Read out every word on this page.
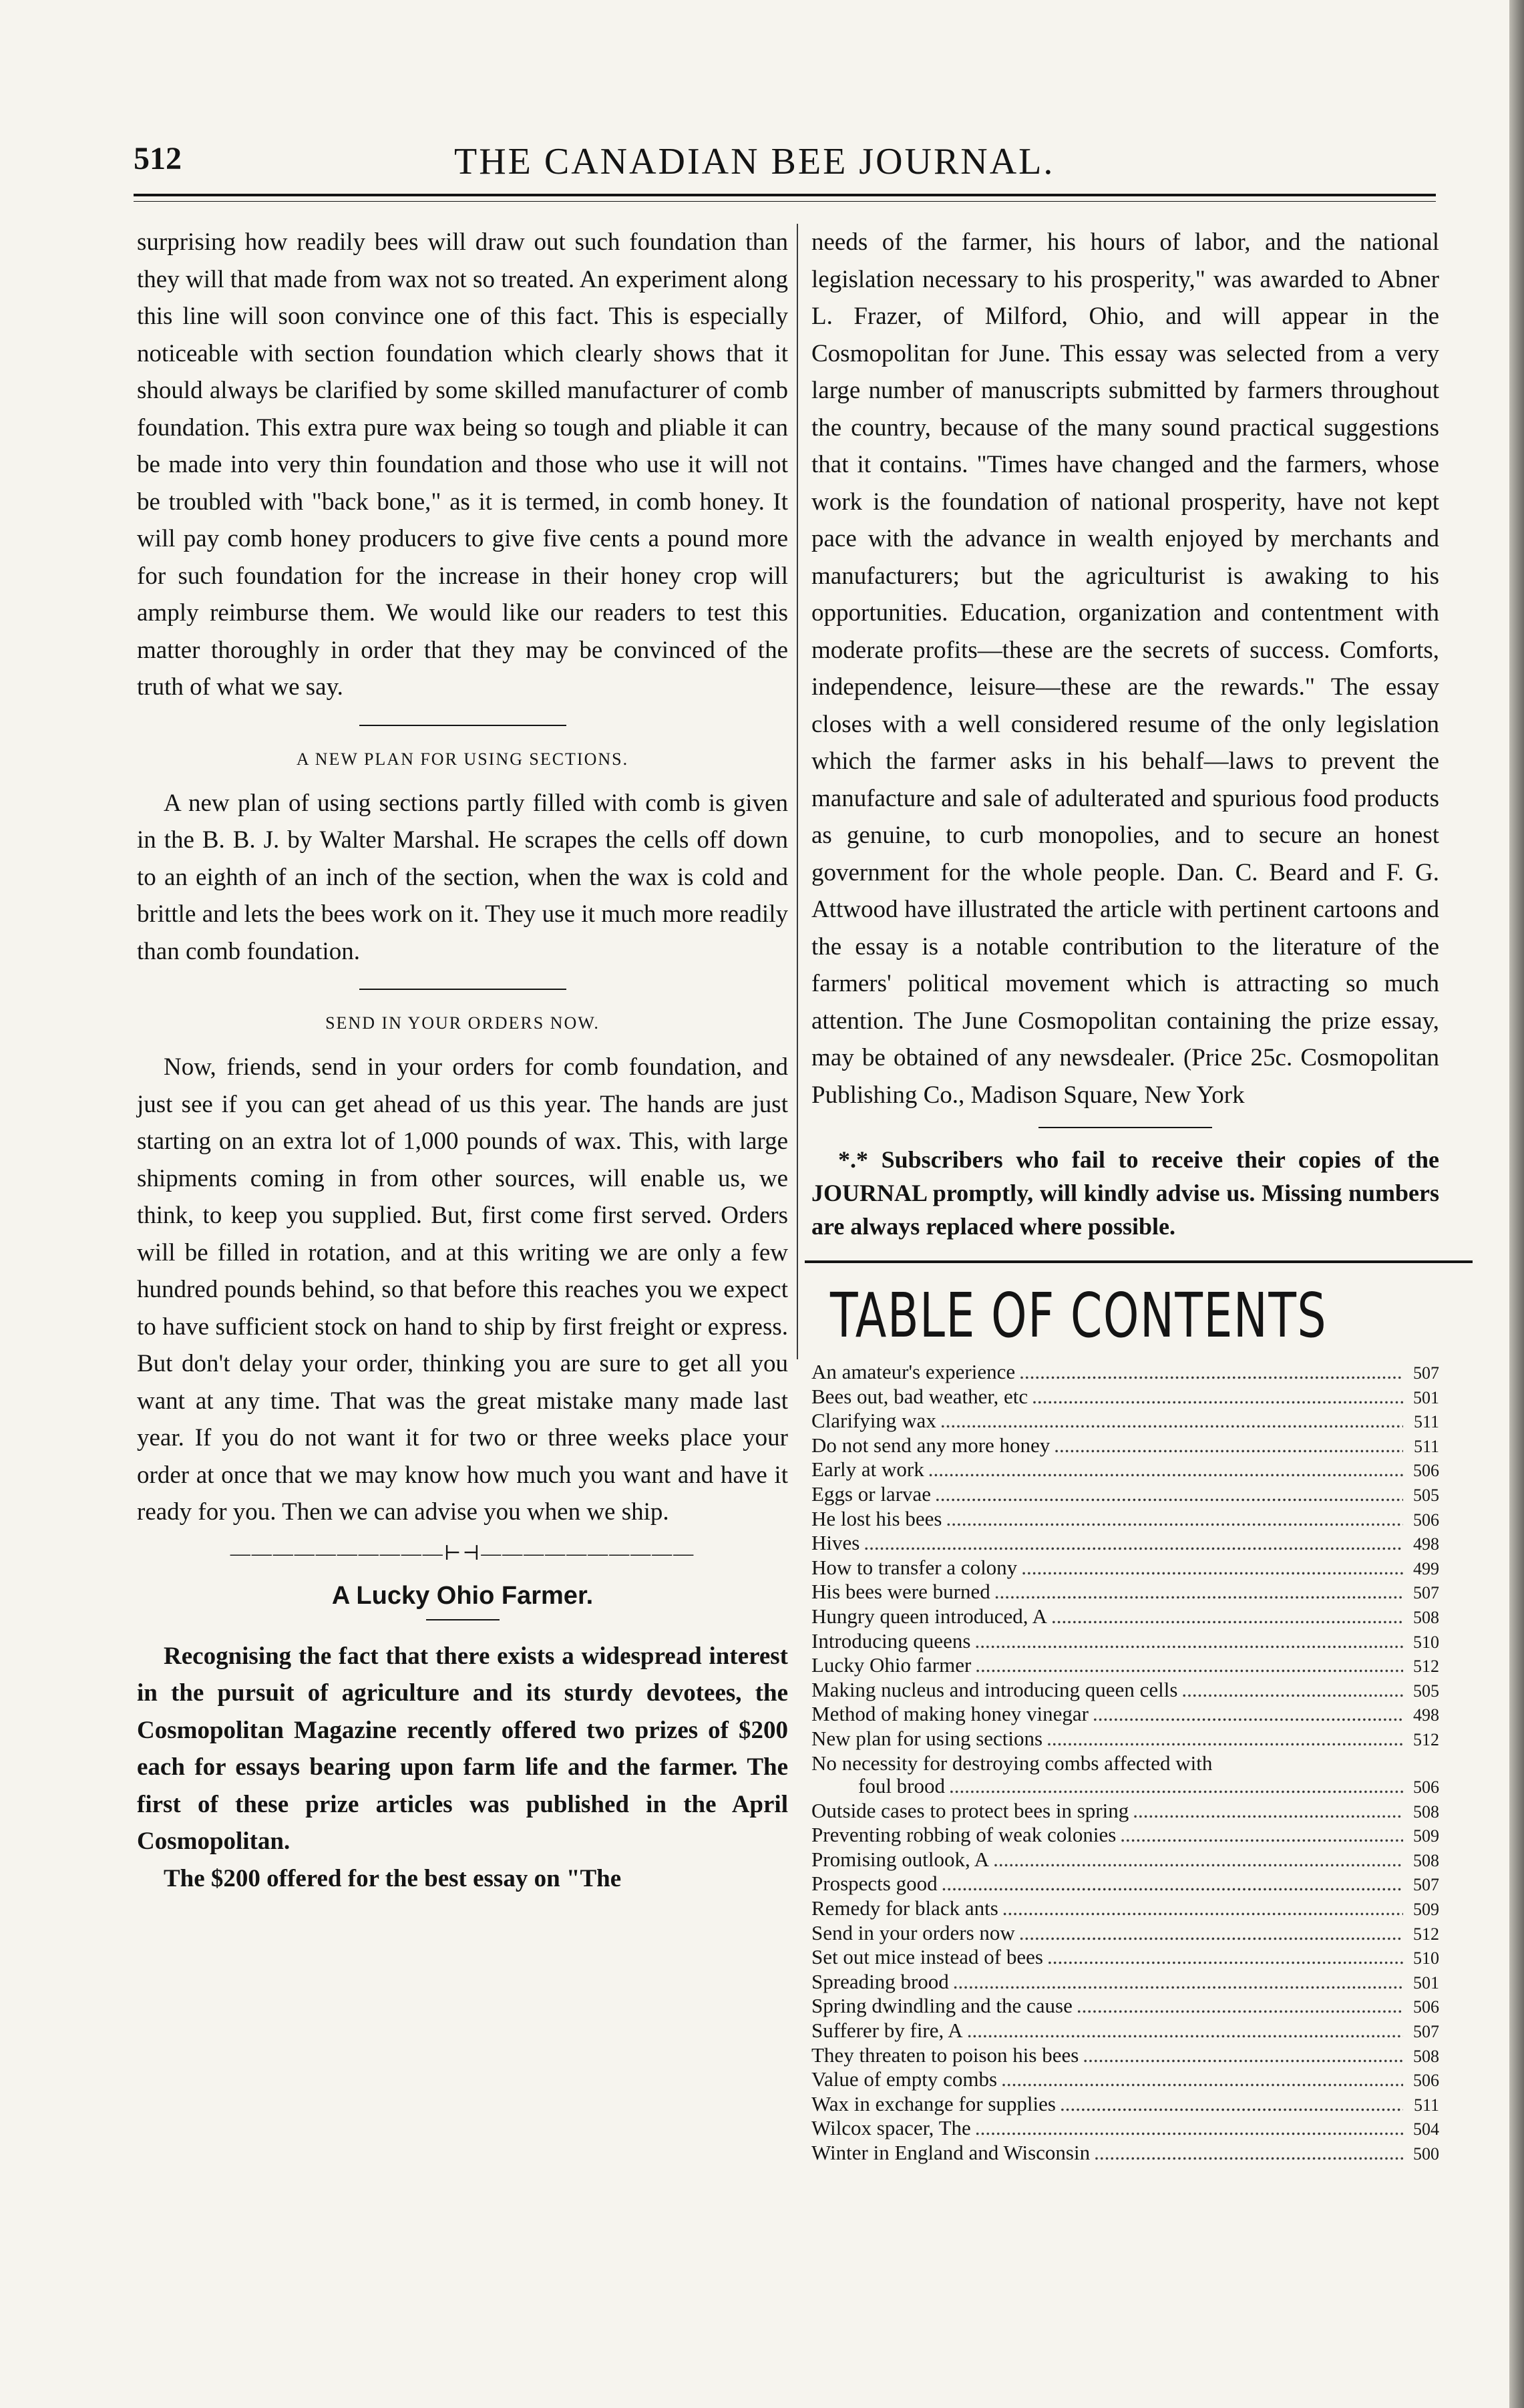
512	THE CANADIAN BEE JOURNAL.

surprising how readily bees will draw out such foundation than they will that made from wax not so treated. An experiment along this line will soon convince one of this fact. This is especially noticeable with section foundation which clearly shows that it should always be clarified by some skilled manufacturer of comb foundation. This extra pure wax being so tough and pliable it can be made into very thin foundation and those who use it will not be troubled with "back bone," as it is termed, in comb honey. It will pay comb honey producers to give five cents a pound more for such foundation for the increase in their honey crop will amply reimburse them. We would like our readers to test this matter thoroughly in order that they may be convinced of the truth of what we say.

A NEW PLAN FOR USING SECTIONS.

A new plan of using sections partly filled with comb is given in the B. B. J. by Walter Marshal. He scrapes the cells off down to an eighth of an inch of the section, when the wax is cold and brittle and lets the bees work on it. They use it much more readily than comb foundation.

SEND IN YOUR ORDERS NOW.

Now, friends, send in your orders for comb foundation, and just see if you can get ahead of us this year. The hands are just starting on an extra lot of 1,000 pounds of wax. This, with large shipments coming in from other sources, will enable us, we think, to keep you supplied. But, first come first served. Orders will be filled in rotation, and at this writing we are only a few hundred pounds behind, so that before this reaches you we expect to have sufficient stock on hand to ship by first freight or express. But don't delay your order, thinking you are sure to get all you want at any time. That was the great mistake many made last year. If you do not want it for two or three weeks place your order at once that we may know how much you want and have it ready for you. Then we can advise you when we ship.

——————————⊢⊣——————————
A Lucky Ohio Farmer.

Recognising the fact that there exists a widespread interest in the pursuit of agriculture and its sturdy devotees, the Cosmopolitan Magazine recently offered two prizes of $200 each for essays bearing upon farm life and the farmer. The first of these prize articles was published in the April Cosmopolitan.

The $200 offered for the best essay on "The

needs of the farmer, his hours of labor, and the national legislation necessary to his prosperity," was awarded to Abner L. Frazer, of Milford, Ohio, and will appear in the Cosmopolitan for June. This essay was selected from a very large number of manuscripts submitted by farmers throughout the country, because of the many sound practical suggestions that it contains. "Times have changed and the farmers, whose work is the foundation of national prosperity, have not kept pace with the advance in wealth enjoyed by merchants and manufacturers; but the agriculturist is awaking to his opportunities. Education, organization and contentment with moderate profits—these are the secrets of success. Comforts, independence, leisure—these are the rewards." The essay closes with a well considered resume of the only legislation which the farmer asks in his behalf—laws to prevent the manufacture and sale of adulterated and spurious food products as genuine, to curb monopolies, and to secure an honest government for the whole people. Dan. C. Beard and F. G. Attwood have illustrated the article with pertinent cartoons and the essay is a notable contribution to the literature of the farmers' political movement which is attracting so much attention. The June Cosmopolitan containing the prize essay, may be obtained of any newsdealer. (Price 25c. Cosmopolitan Publishing Co., Madison Square, New York

*.* Subscribers who fail to receive their copies of the JOURNAL promptly, will kindly advise us. Missing numbers are always replaced where possible.

TABLE OF CONTENTS
An amateur's experience .....	507
Bees out, bad weather, etc .....	501
Clarifying wax .....	511
Do not send any more honey .....	511
Early at work .....	506
Eggs or larvae .....	505
He lost his bees .....	506
Hives .....	498
How to transfer a colony .....	499
His bees were burned .....	507
Hungry queen introduced, A .....	508
Introducing queens .....	510
Lucky Ohio farmer .....	512
Making nucleus and introducing queen cells .....	505
Method of making honey vinegar .....	498
New plan for using sections .....	512
No necessity for destroying combs affected with
foul brood .....	506
Outside cases to protect bees in spring .....	508
Preventing robbing of weak colonies .....	509
Promising outlook, A .....	508
Prospects good .....	507
Remedy for black ants .....	509
Send in your orders now .....	512
Set out mice instead of bees .....	510
Spreading brood .....	501
Spring dwindling and the cause .....	506
Sufferer by fire, A .....	507
They threaten to poison his bees .....	508
Value of empty combs .....	506
Wax in exchange for supplies .....	511
Wilcox spacer, The .....	504
Winter in England and Wisconsin .....	500
